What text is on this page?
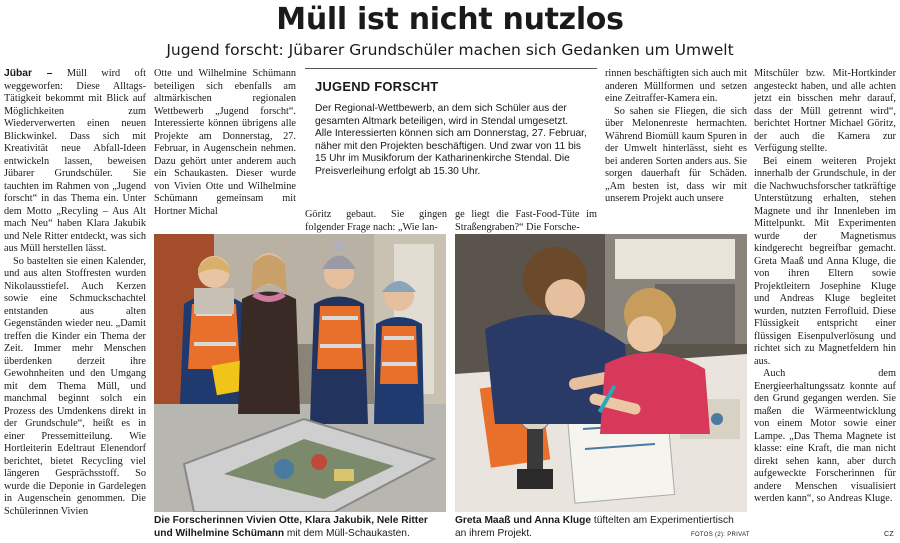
Müll ist nicht nutzlos
Jugend forscht: Jübarer Grundschüler machen sich Gedanken um Umwelt

Jübar – Müll wird oft weggeworfen: Diese Alltags-Tätigkeit bekommt mit Blick auf Möglichkeiten zum Wiederverwerten einen neuen Blickwinkel. Dass sich mit Kreativität neue Abfall-Ideen entwickeln lassen, beweisen Jübarer Grundschüler. Sie tauchten im Rahmen von „Jugend forscht“ in das Thema ein. Unter dem Motto „Recyling – Aus Alt mach Neu“ haben Klara Jakubik und Nele Ritter entdeckt, was sich aus Müll herstellen lässt.

So bastelten sie einen Kalender, und aus alten Stoffresten wurden Nikolausstiefel. Auch Kerzen sowie eine Schmuckschachtel entstanden aus alten Gegenständen wieder neu. „Damit treffen die Kinder ein Thema der Zeit. Immer mehr Menschen überdenken derzeit ihre Gewohnheiten und den Umgang mit dem Thema Müll, und manchmal beginnt solch ein Prozess des Umdenkens direkt in der Grundschule“, heißt es in einer Pressemitteilung. Wie Hortleiterin Edeltraut Elenendorf berichtet, bietet Recycling viel längeren Gesprächsstoff. So wurde die Deponie in Gardelegen in Augenschein genommen. Die Schülerinnen Vivien

Otte und Wilhelmine Schümann beteiligen sich ebenfalls am altmärkischen regionalen Wettbewerb „Jugend forscht“. Interessierte können übrigens alle Projekte am Donnerstag, 27. Februar, in Augenschein nehmen. Dazu gehört unter anderem auch ein Schaukasten. Dieser wurde von Vivien Otte und Wilhelmine Schümann gemeinsam mit Hortner Michal

JUGEND FORSCHT
Der Regional-Wettbewerb, an dem sich Schüler aus der gesamten Altmark beteiligen, wird in Stendal umgesetzt. Alle Interessierten können sich am Donnerstag, 27. Februar, näher mit den Projekten beschäftigen. Und zwar von 11 bis 15 Uhr im Musikforum der Katharinenkirche Stendal. Die Preisverleihung erfolgt ab 15.30 Uhr.

Göritz gebaut. Sie gingen folgender Frage nach: „Wie lan-

ge liegt die Fast-Food-Tüte im Straßengraben?“ Die Forsche-

rinnen beschäftigten sich auch mit anderen Müllformen und setzen eine Zeitraffer-Kamera ein.

So sahen sie Fliegen, die sich über Melonenreste hermachten. Während Biomüll kaum Spuren in der Umwelt hinterlässt, sieht es bei anderen Sorten anders aus. Sie sorgen dauerhaft für Schäden. „Am besten ist, dass wir mit unserem Projekt auch unsere

Mitschüler bzw. Mit-Hortkinder angesteckt haben, und alle achten jetzt ein bisschen mehr darauf, dass der Müll getrennt wird“, berichtet Hortner Michael Göritz, der auch die Kamera zur Verfügung stellte.

Bei einem weiteren Projekt innerhalb der Grundschule, in der die Nachwuchsforscher tatkräftige Unterstützung erhalten, stehen Magnete und ihr Innenleben im Mittelpunkt. Mit Experimenten wurde der Magnetismus kindgerecht begreifbar gemacht. Greta Maaß und Anna Kluge, die von ihren Eltern sowie Projektleitern Josephine Kluge und Andreas Kluge begleitet wurden, nutzten Ferrofluid. Diese Flüssigkeit entspricht einer flüssigen Eisenpulverlösung und richtet sich zu Magnetfeldern hin aus.

Auch dem Energieerhaltungssatz konnte auf den Grund gegangen werden. Sie maßen die Wärmeentwicklung von einem Motor sowie einer Lampe. „Das Thema Magnete ist klasse: eine Kraft, die man nicht direkt sehen kann, aber durch aufgeweckte Forscherinnen für andere Menschen visualisiert werden kann“, so Andreas Kluge.

CZ
Die Forscherinnen Vivien Otte, Klara Jakubik, Nele Ritter und Wilhelmine Schümann mit dem Müll-Schaukasten.	FOTOS (2): PRIVAT
Greta Maaß und Anna Kluge tüftelten am Experimentiertisch an ihrem Projekt.
